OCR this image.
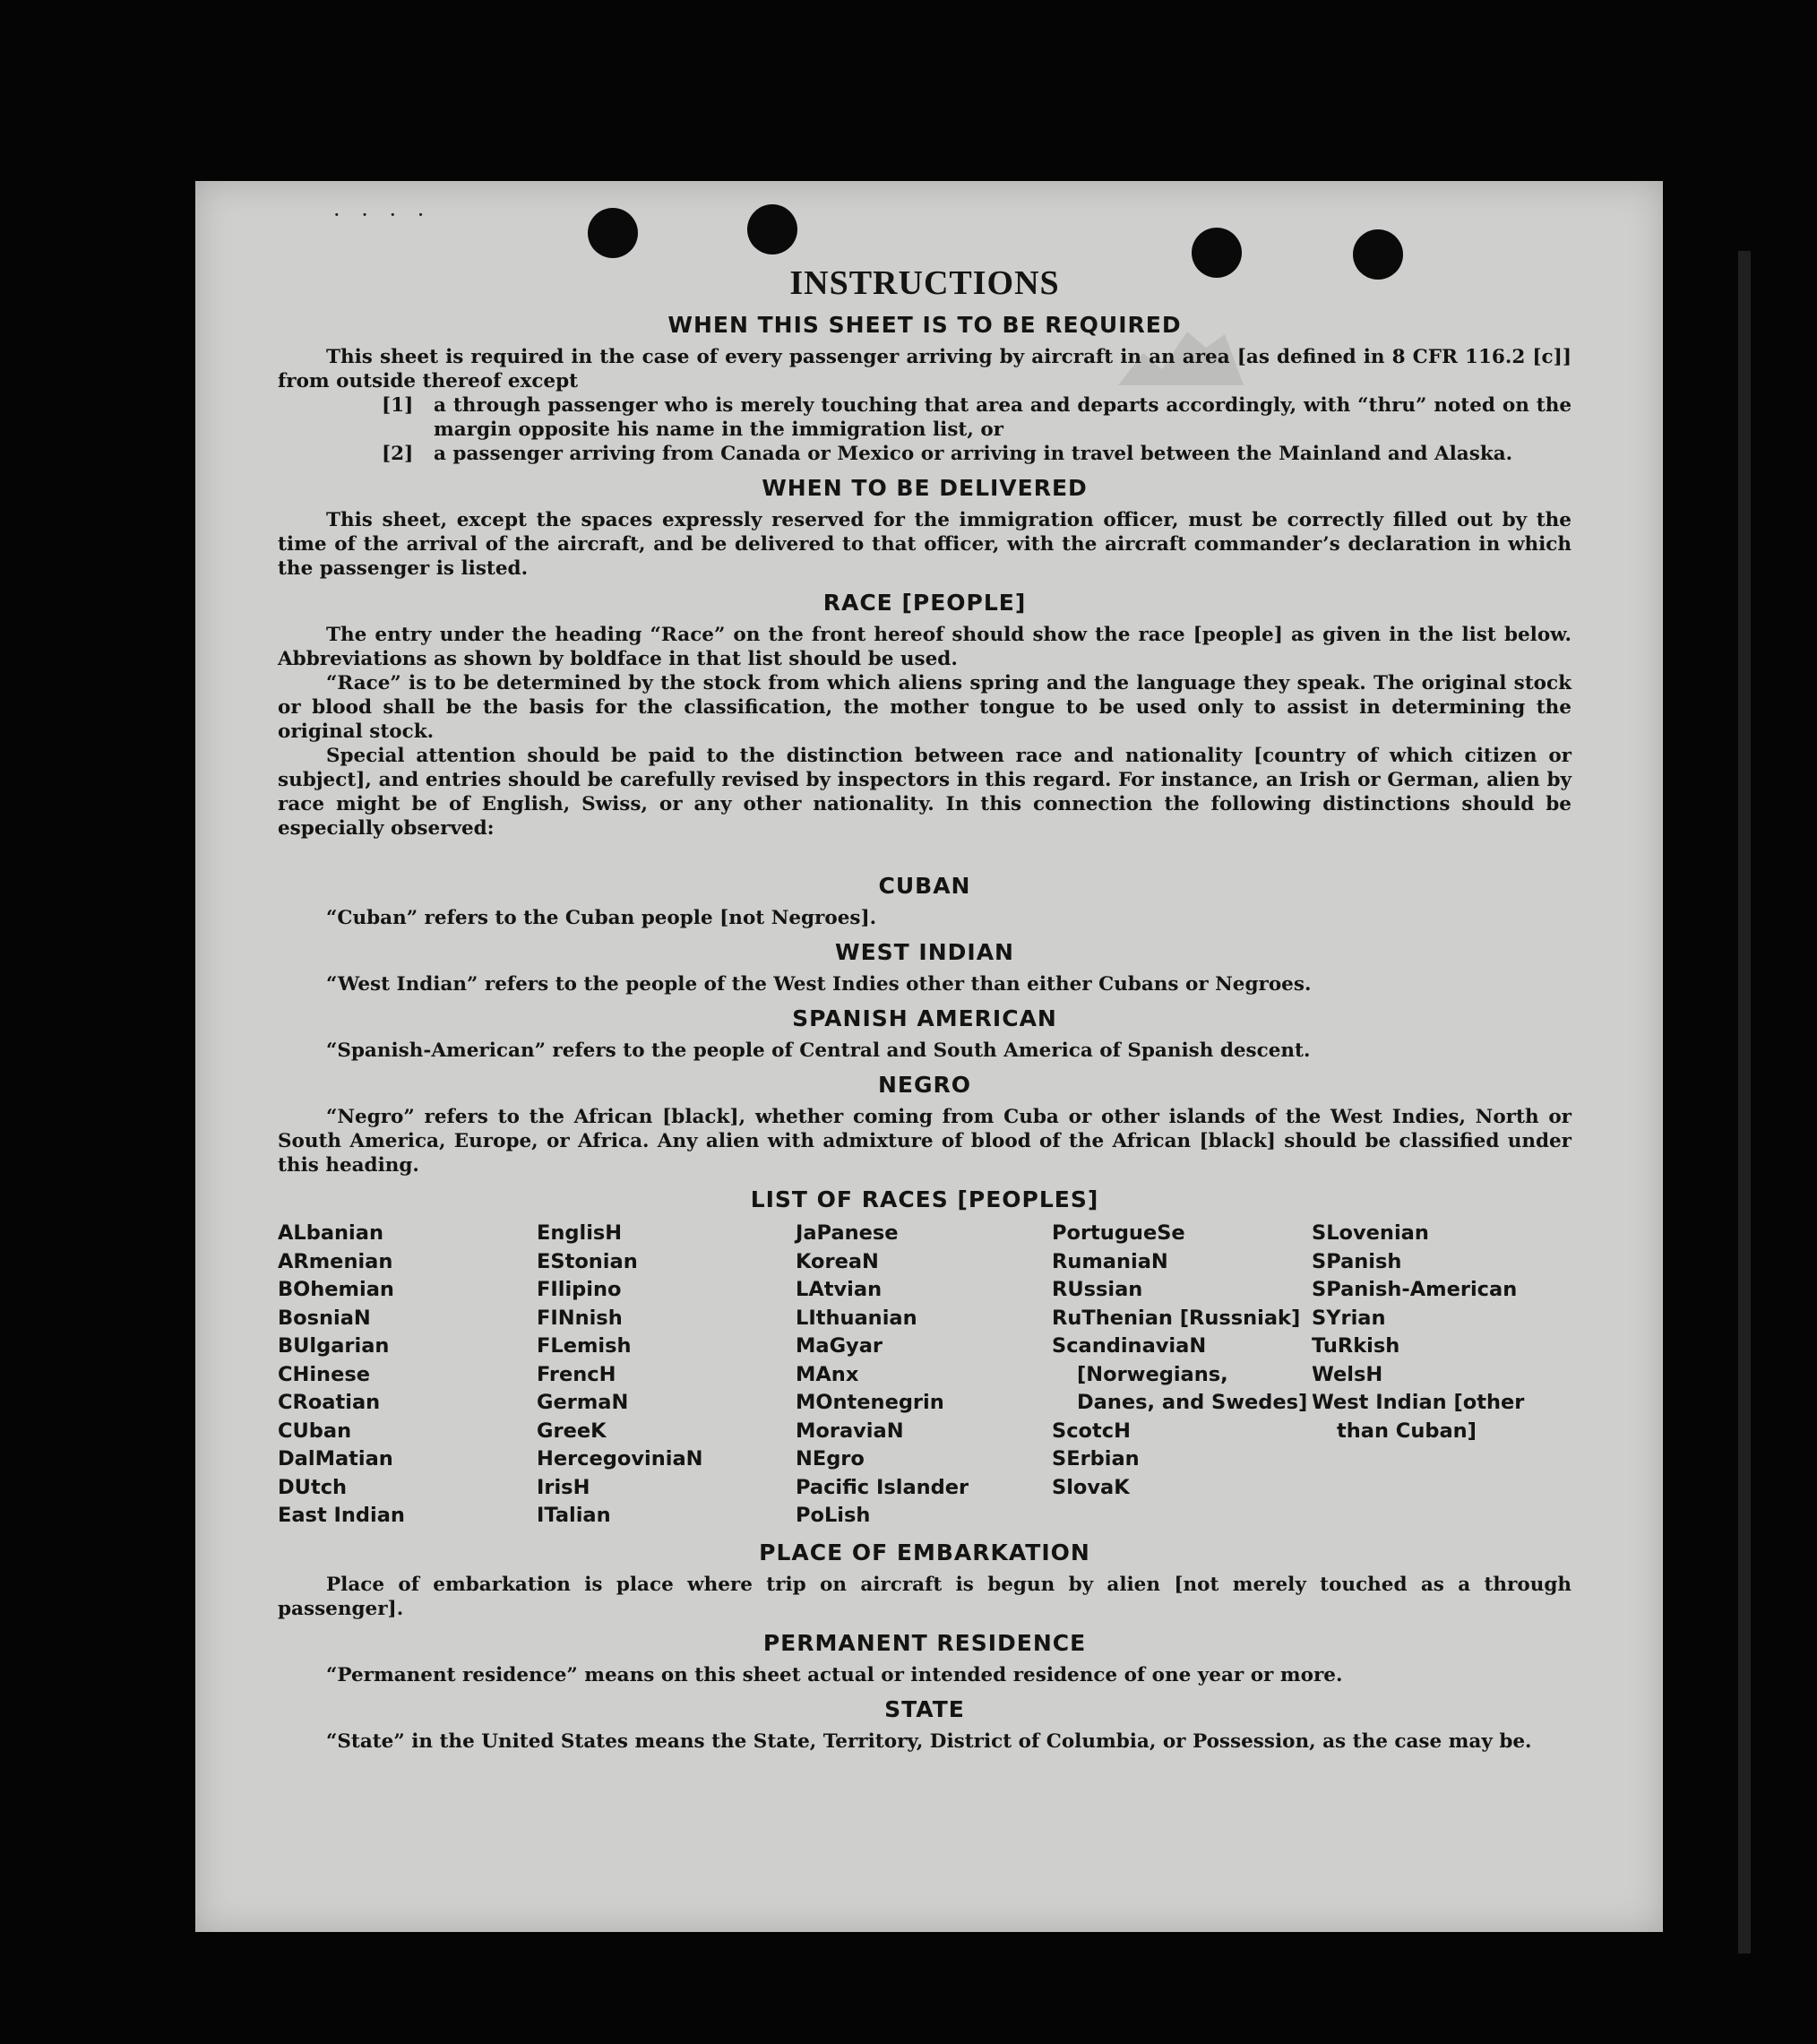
· · · ·
INSTRUCTIONS
WHEN THIS SHEET IS TO BE REQUIRED

This sheet is required in the case of every passenger arriving by aircraft in an area [as defined in 8 CFR 116.2 [c]] from outside thereof except

[1]	a through passenger who is merely touching that area and departs accordingly, with “thru” noted on the margin opposite his name in the immigration list, or
[2]	a passenger arriving from Canada or Mexico or arriving in travel between the Mainland and Alaska.
WHEN TO BE DELIVERED

This sheet, except the spaces expressly reserved for the immigration officer, must be correctly filled out by the time of the arrival of the aircraft, and be delivered to that officer, with the aircraft commander’s declaration in which the passenger is listed.

RACE [PEOPLE]

The entry under the heading “Race” on the front hereof should show the race [people] as given in the list below. Abbreviations as shown by boldface in that list should be used.

“Race” is to be determined by the stock from which aliens spring and the language they speak. The original stock or blood shall be the basis for the classification, the mother tongue to be used only to assist in determining the original stock.

Special attention should be paid to the distinction between race and nationality [country of which citizen or subject], and entries should be carefully revised by inspectors in this regard. For instance, an Irish or German, alien by race might be of English, Swiss, or any other nationality. In this connection the following distinctions should be especially observed:

CUBAN

“Cuban” refers to the Cuban people [not Negroes].

WEST INDIAN

“West Indian” refers to the people of the West Indies other than either Cubans or Negroes.

SPANISH AMERICAN

“Spanish-American” refers to the people of Central and South America of Spanish descent.

NEGRO

“Negro” refers to the African [black], whether coming from Cuba or other islands of the West Indies, North or South America, Europe, or Africa. Any alien with admixture of blood of the African [black] should be classified under this heading.

LIST OF RACES [PEOPLES]
ALbanian
ARmenian
BOhemian
BosniaN
BUlgarian
CHinese
CRoatian
CUban
DalMatian
DUtch
East Indian
EnglisH
EStonian
FIlipino
FINnish
FLemish
FrencH
GermaN
GreeK
HercegoviniaN
IrisH
ITalian
JaPanese
KoreaN
LAtvian
LIthuanian
MaGyar
MAnx
MOntenegrin
MoraviaN
NEgro
Pacific Islander
PoLish
PortugueSe
RumaniaN
RUssian
RuThenian [Russniak]
ScandinaviaN [Norwegians, Danes, and Swedes]
ScotcH
SErbian
SlovaK
SLovenian
SPanish
SPanish-American
SYrian
TuRkish
WelsH
West Indian [other than Cuban]
PLACE OF EMBARKATION

Place of embarkation is place where trip on aircraft is begun by alien [not merely touched as a through passenger].

PERMANENT RESIDENCE

“Permanent residence” means on this sheet actual or intended residence of one year or more.

STATE

“State” in the United States means the State, Territory, District of Columbia, or Possession, as the case may be.
